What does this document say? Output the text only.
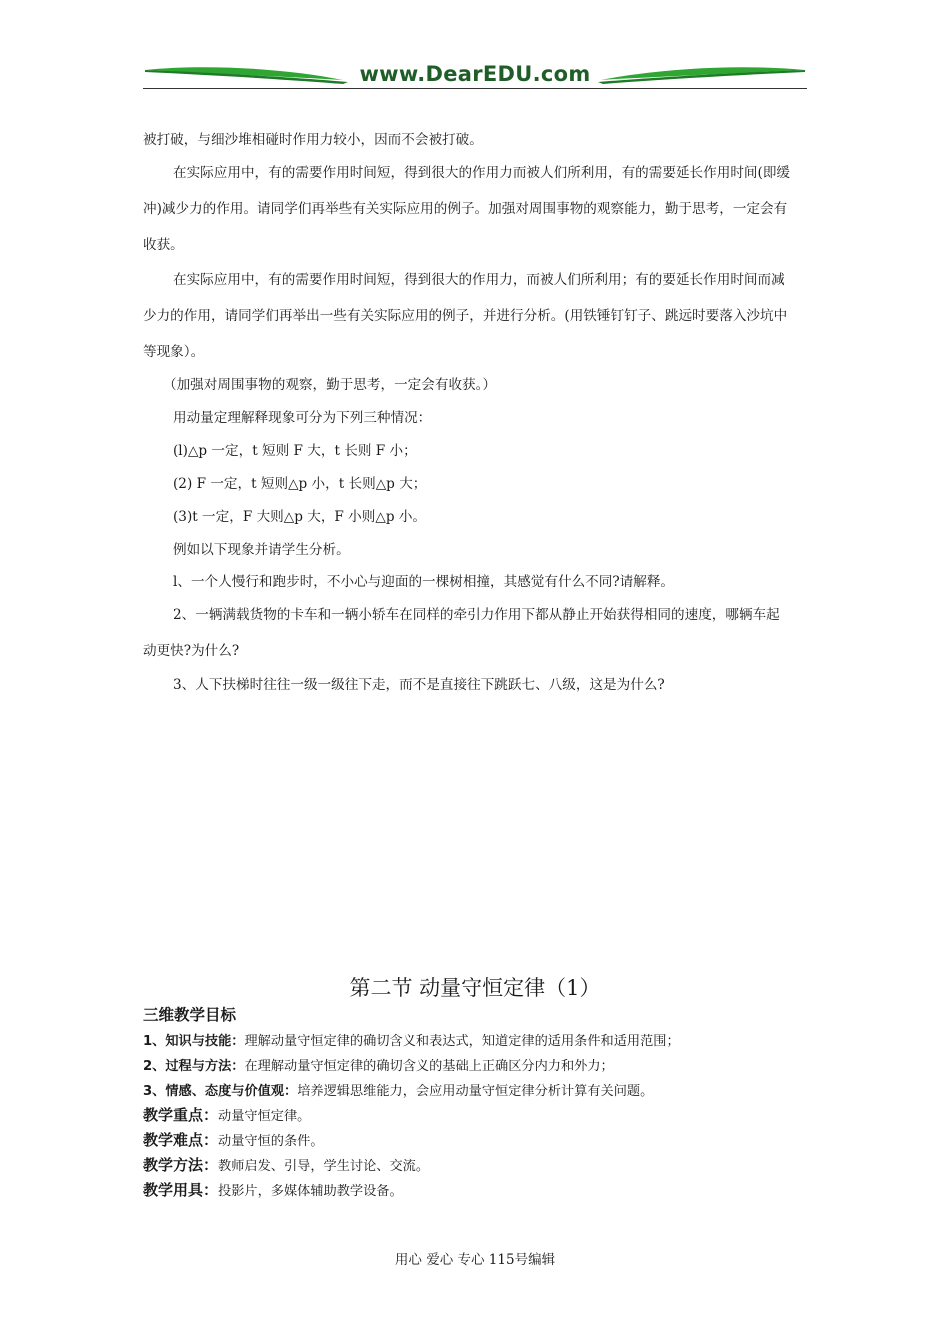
www.DearEDU.com
被打破，与细沙堆相碰时作用力较小，因而不会被打破。
在实际应用中，有的需要作用时间短，得到很大的作用力而被人们所利用，有的需要延长作用时间(即缓
冲)减少力的作用。请同学们再举些有关实际应用的例子。加强对周围事物的观察能力，勤于思考，一定会有
收获。
在实际应用中，有的需要作用时间短，得到很大的作用力，而被人们所利用；有的要延长作用时间而减
少力的作用，请同学们再举出一些有关实际应用的例子，并进行分析。(用铁锤钉钉子、跳远时要落入沙坑中
等现象）。
（加强对周围事物的观察，勤于思考，一定会有收获。）
用动量定理解释现象可分为下列三种情况：
(l)△p 一定，t 短则 F 大，t 长则 F 小；
(2) F 一定，t 短则△p 小，t 长则△p 大；
(3)t 一定，F 大则△p 大，F 小则△p 小。
例如以下现象并请学生分析。
l、一个人慢行和跑步时，不小心与迎面的一棵树相撞，其感觉有什么不同?请解释。
2、一辆满载货物的卡车和一辆小轿车在同样的牵引力作用下都从静止开始获得相同的速度，哪辆车起
动更快?为什么?
3、人下扶梯时往往一级一级往下走，而不是直接往下跳跃七、八级，这是为什么?
第二节 动量守恒定律（1）
三维教学目标
1、知识与技能：理解动量守恒定律的确切含义和表达式，知道定律的适用条件和适用范围；
2、过程与方法：在理解动量守恒定律的确切含义的基础上正确区分内力和外力；
3、情感、态度与价值观：培养逻辑思维能力，会应用动量守恒定律分析计算有关问题。
教学重点：动量守恒定律。
教学难点：动量守恒的条件。
教学方法：教师启发、引导，学生讨论、交流。
教学用具：投影片，多媒体辅助教学设备。
用心 爱心 专心 115号编辑
